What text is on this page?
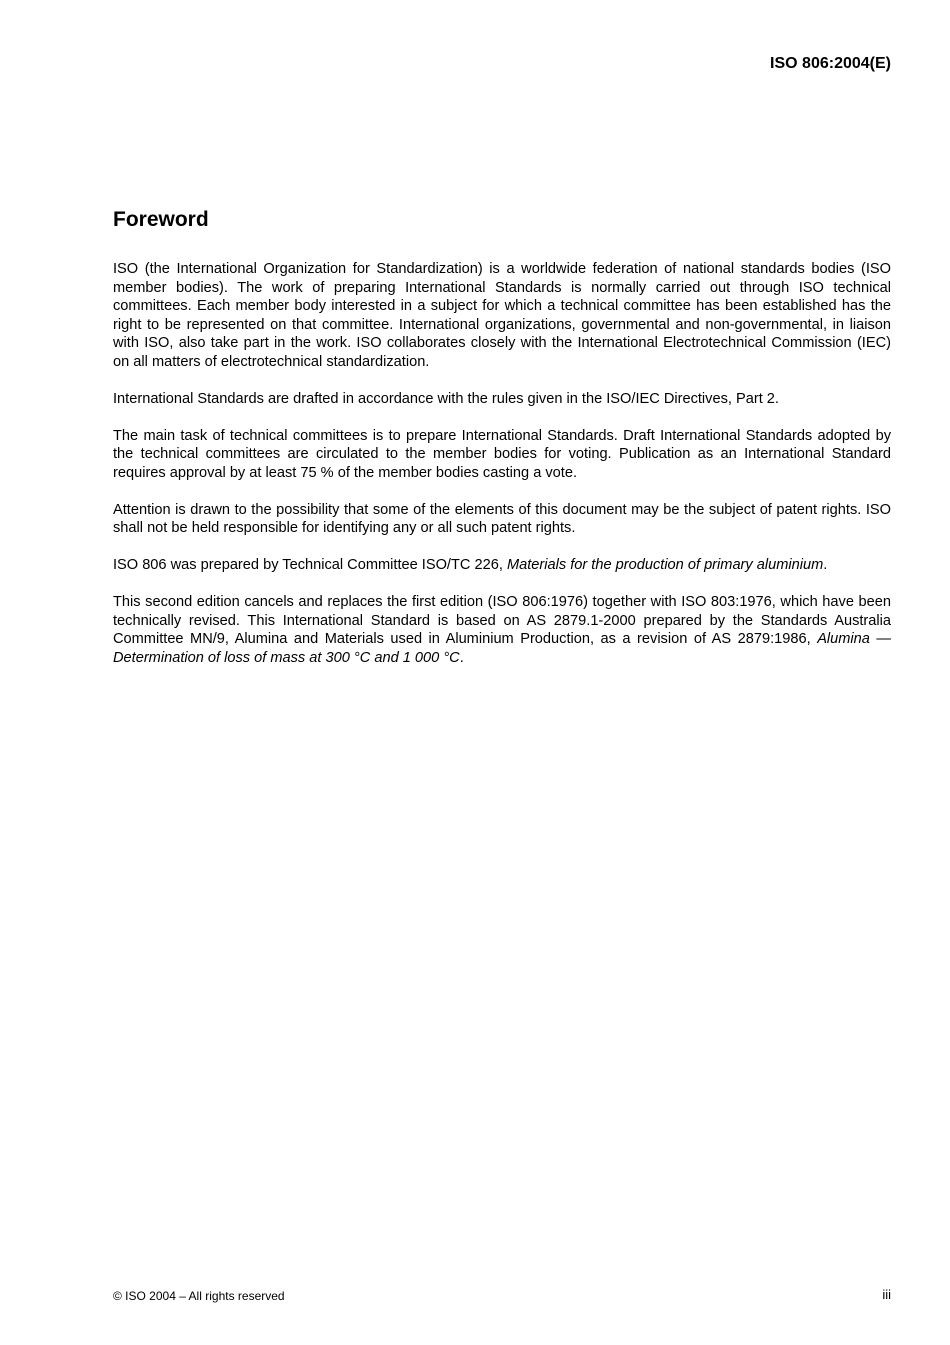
ISO 806:2004(E)
Foreword

ISO (the International Organization for Standardization) is a worldwide federation of national standards bodies (ISO member bodies). The work of preparing International Standards is normally carried out through ISO technical committees. Each member body interested in a subject for which a technical committee has been established has the right to be represented on that committee. International organizations, governmental and non-governmental, in liaison with ISO, also take part in the work. ISO collaborates closely with the International Electrotechnical Commission (IEC) on all matters of electrotechnical standardization.

International Standards are drafted in accordance with the rules given in the ISO/IEC Directives, Part 2.

The main task of technical committees is to prepare International Standards. Draft International Standards adopted by the technical committees are circulated to the member bodies for voting. Publication as an International Standard requires approval by at least 75 % of the member bodies casting a vote.

Attention is drawn to the possibility that some of the elements of this document may be the subject of patent rights. ISO shall not be held responsible for identifying any or all such patent rights.

ISO 806 was prepared by Technical Committee ISO/TC 226, Materials for the production of primary aluminium.

This second edition cancels and replaces the first edition (ISO 806:1976) together with ISO 803:1976, which have been technically revised. This International Standard is based on AS 2879.1-2000 prepared by the Standards Australia Committee MN/9, Alumina and Materials used in Aluminium Production, as a revision of AS 2879:1986, Alumina — Determination of loss of mass at 300 °C and 1 000 °C.

© ISO 2004 – All rights reserved	iii
